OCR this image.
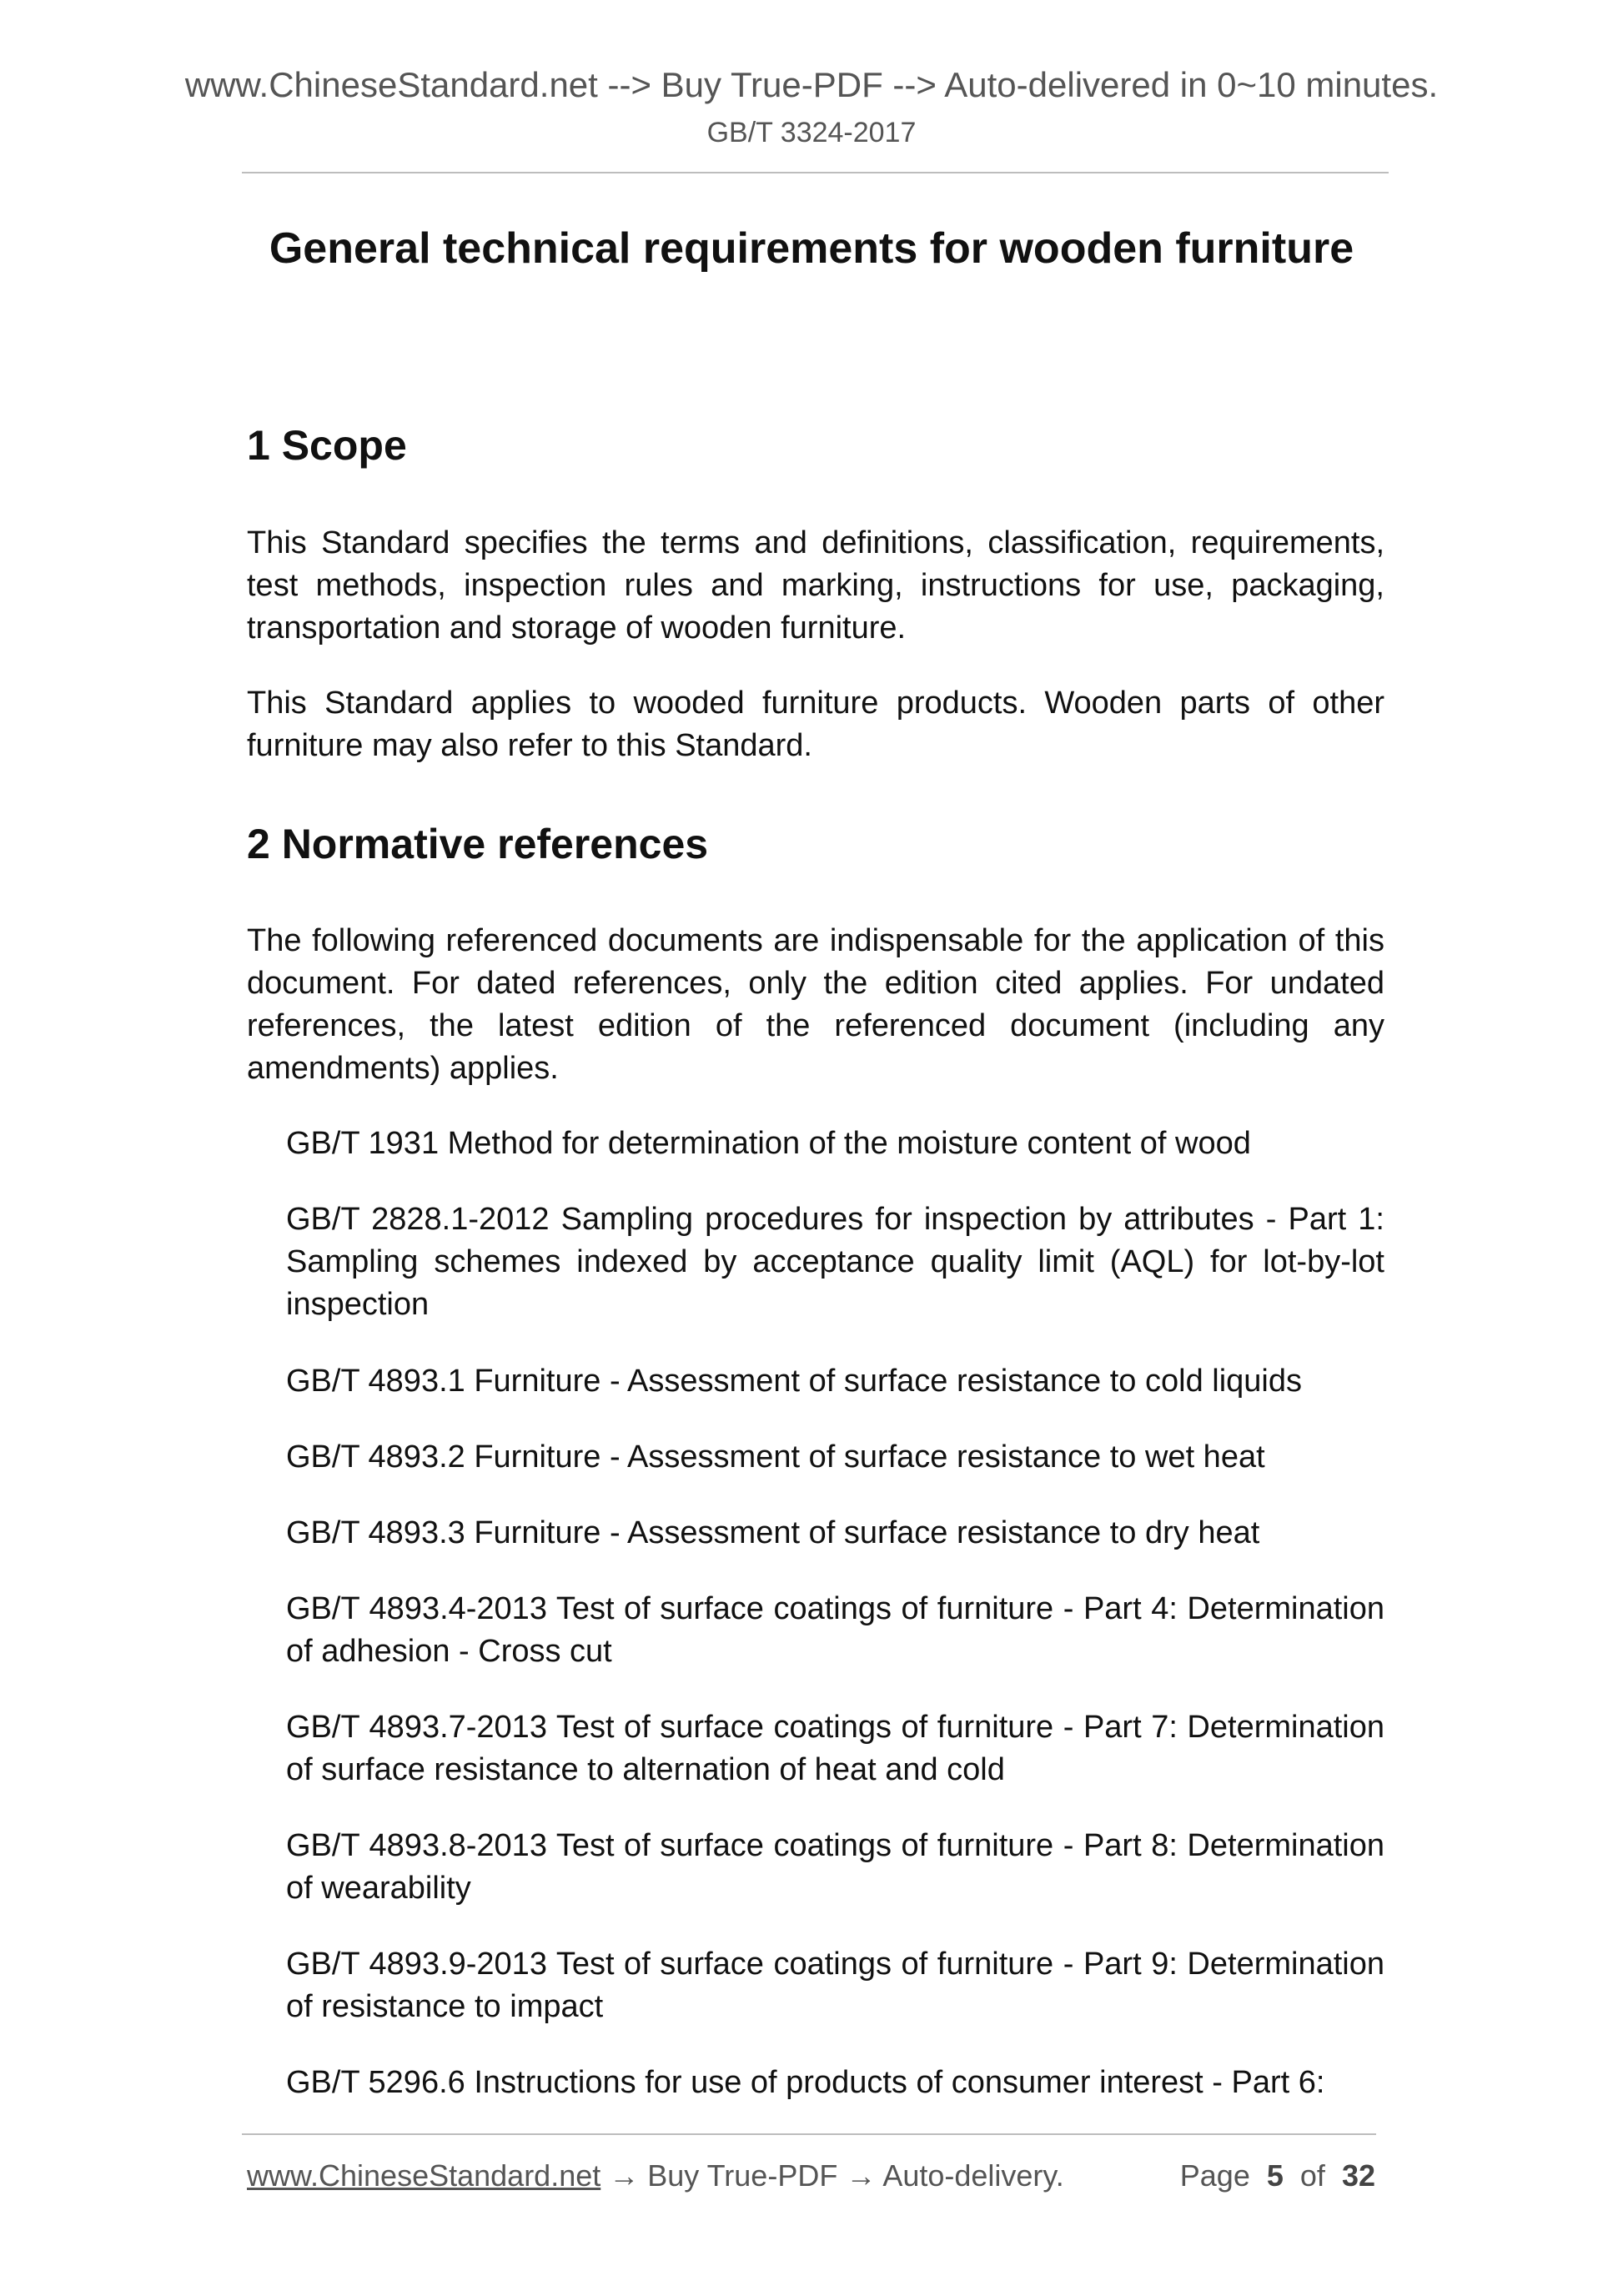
www.ChineseStandard.net --> Buy True-PDF --> Auto-delivered in 0~10 minutes.
GB/T 3324-2017
General technical requirements for wooden furniture
1 Scope
This Standard specifies the terms and definitions, classification, requirements, test methods, inspection rules and marking, instructions for use, packaging, transportation and storage of wooden furniture.
This Standard applies to wooded furniture products. Wooden parts of other furniture may also refer to this Standard.
2 Normative references
The following referenced documents are indispensable for the application of this document. For dated references, only the edition cited applies. For undated references, the latest edition of the referenced document (including any amendments) applies.
GB/T 1931 Method for determination of the moisture content of wood
GB/T 2828.1-2012 Sampling procedures for inspection by attributes - Part 1: Sampling schemes indexed by acceptance quality limit (AQL) for lot-by-lot inspection
GB/T 4893.1 Furniture - Assessment of surface resistance to cold liquids
GB/T 4893.2 Furniture - Assessment of surface resistance to wet heat
GB/T 4893.3 Furniture - Assessment of surface resistance to dry heat
GB/T 4893.4-2013 Test of surface coatings of furniture - Part 4: Determination of adhesion - Cross cut
GB/T 4893.7-2013 Test of surface coatings of furniture - Part 7: Determination of surface resistance to alternation of heat and cold
GB/T 4893.8-2013 Test of surface coatings of furniture - Part 8: Determination of wearability
GB/T 4893.9-2013 Test of surface coatings of furniture - Part 9: Determination of resistance to impact
GB/T 5296.6 Instructions for use of products of consumer interest - Part 6:
www.ChineseStandard.net → Buy True-PDF → Auto-delivery.	Page 5 of 32
